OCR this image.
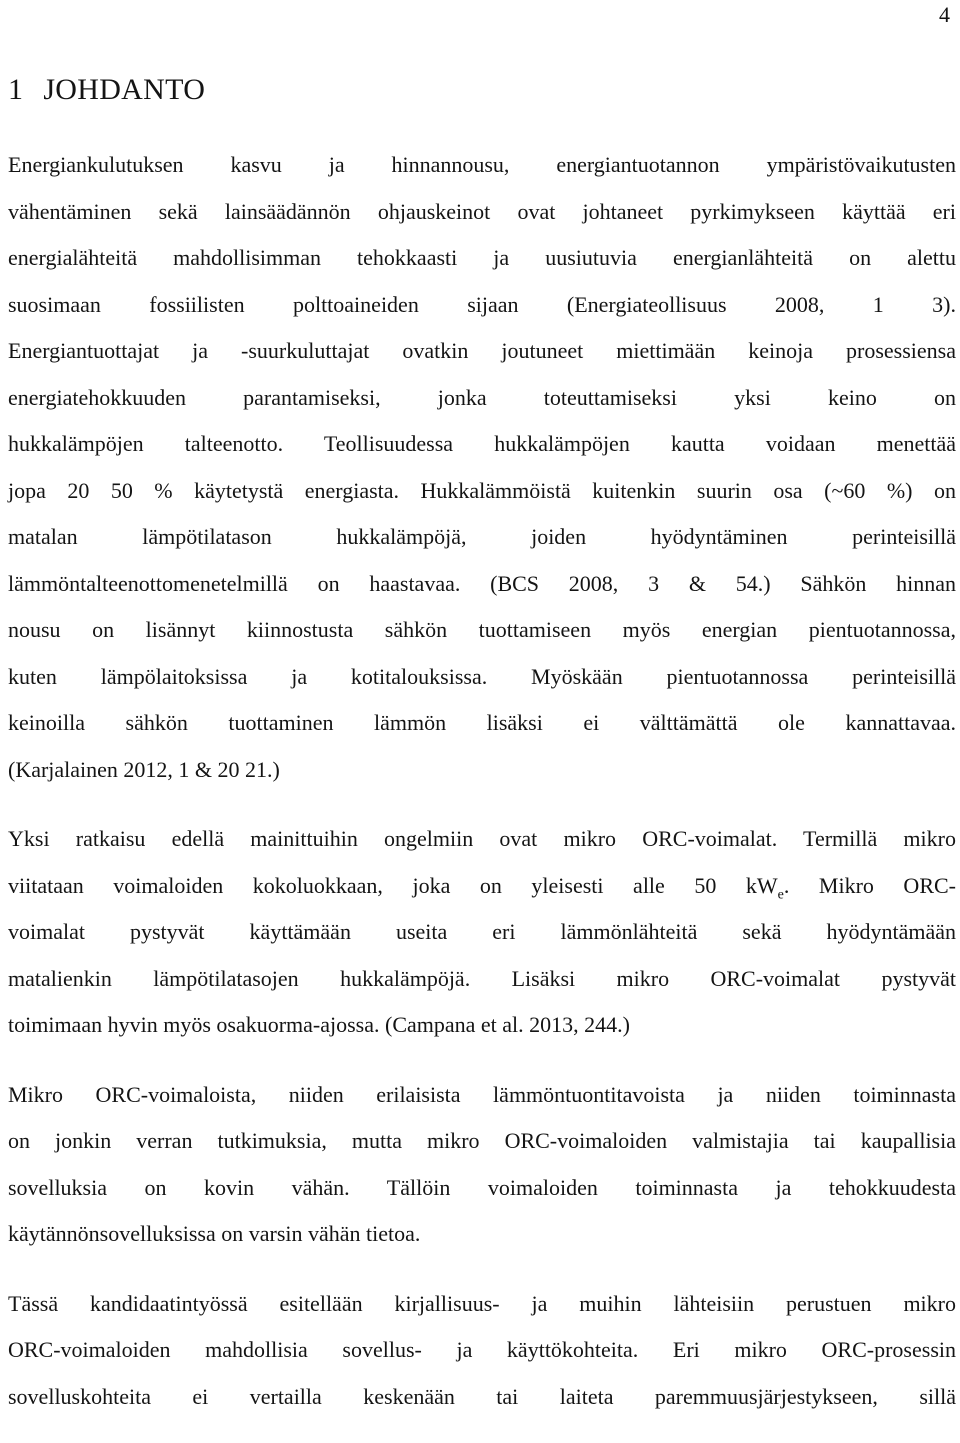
4
1 JOHDANTO

Energiankulutuksen kasvu ja hinnannousu, energiantuotannon ympäristövaikutusten
vähentäminen sekä lainsäädännön ohjauskeinot ovat johtaneet pyrkimykseen käyttää eri
energialähteitä mahdollisimman tehokkaasti ja uusiutuvia energianlähteitä on alettu
suosimaan fossiilisten polttoaineiden sijaan (Energiateollisuus 2008, 1 3).
Energiantuottajat ja -suurkuluttajat ovatkin joutuneet miettimään keinoja prosessiensa
energiatehokkuuden parantamiseksi, jonka toteuttamiseksi yksi keino on
hukkalämpöjen talteenotto. Teollisuudessa hukkalämpöjen kautta voidaan menettää
jopa 20 50 % käytetystä energiasta. Hukkalämmöistä kuitenkin suurin osa (~60 %) on
matalan lämpötilatason hukkalämpöjä, joiden hyödyntäminen perinteisillä
lämmöntalteenottomenetelmillä on haastavaa. (BCS 2008, 3 & 54.) Sähkön hinnan
nousu on lisännyt kiinnostusta sähkön tuottamiseen myös energian pientuotannossa,
kuten lämpölaitoksissa ja kotitalouksissa. Myöskään pientuotannossa perinteisillä
keinoilla sähkön tuottaminen lämmön lisäksi ei välttämättä ole kannattavaa.
(Karjalainen 2012, 1 & 20 21.)

Yksi ratkaisu edellä mainittuihin ongelmiin ovat mikro ORC-voimalat. Termillä mikro
viitataan voimaloiden kokoluokkaan, joka on yleisesti alle 50 $kW_e$. Mikro ORC-
voimalat pystyvät käyttämään useita eri lämmönlähteitä sekä hyödyntämään
matalienkin lämpötilatasojen hukkalämpöjä. Lisäksi mikro ORC-voimalat pystyvät
toimimaan hyvin myös osakuorma-ajossa. (Campana et al. 2013, 244.)

Mikro ORC-voimaloista, niiden erilaisista lämmöntuontitavoista ja niiden toiminnasta
on jonkin verran tutkimuksia, mutta mikro ORC-voimaloiden valmistajia tai kaupallisia
sovelluksia on kovin vähän. Tällöin voimaloiden toiminnasta ja tehokkuudesta
käytännönsovelluksissa on varsin vähän tietoa.

Tässä kandidaatintyössä esitellään kirjallisuus- ja muihin lähteisiin perustuen mikro
ORC-voimaloiden mahdollisia sovellus- ja käyttökohteita. Eri mikro ORC-prosessin
sovelluskohteita ei vertailla keskenään tai laiteta paremmuusjärjestykseen, sillä
